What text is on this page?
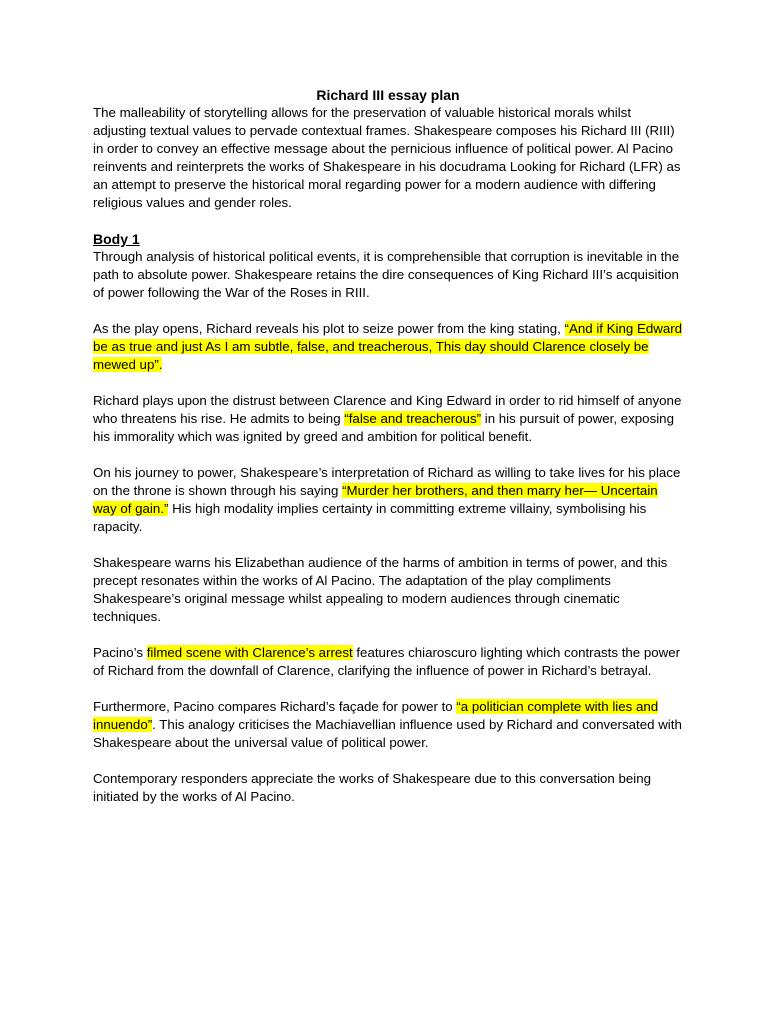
Richard III essay plan

The malleability of storytelling allows for the preservation of valuable historical morals whilst adjusting textual values to pervade contextual frames. Shakespeare composes his Richard III (RIII) in order to convey an effective message about the pernicious influence of political power. Al Pacino reinvents and reinterprets the works of Shakespeare in his docudrama Looking for Richard (LFR) as an attempt to preserve the historical moral regarding power for a modern audience with differing religious values and gender roles.

Body 1

Through analysis of historical political events, it is comprehensible that corruption is inevitable in the path to absolute power. Shakespeare retains the dire consequences of King Richard III’s acquisition of power following the War of the Roses in RIII.

As the play opens, Richard reveals his plot to seize power from the king stating, “And if King Edward be as true and just As I am subtle, false, and treacherous, This day should Clarence closely be mewed up”.

Richard plays upon the distrust between Clarence and King Edward in order to rid himself of anyone who threatens his rise. He admits to being “false and treacherous” in his pursuit of power, exposing his immorality which was ignited by greed and ambition for political benefit.

On his journey to power, Shakespeare’s interpretation of Richard as willing to take lives for his place on the throne is shown through his saying “Murder her brothers, and then marry her— Uncertain way of gain.” His high modality implies certainty in committing extreme villainy, symbolising his rapacity.

Shakespeare warns his Elizabethan audience of the harms of ambition in terms of power, and this precept resonates within the works of Al Pacino. The adaptation of the play compliments Shakespeare’s original message whilst appealing to modern audiences through cinematic techniques.

Pacino’s filmed scene with Clarence’s arrest features chiaroscuro lighting which contrasts the power of Richard from the downfall of Clarence, clarifying the influence of power in Richard’s betrayal.

Furthermore, Pacino compares Richard’s façade for power to “a politician complete with lies and innuendo”. This analogy criticises the Machiavellian influence used by Richard and conversated with Shakespeare about the universal value of political power.

Contemporary responders appreciate the works of Shakespeare due to this conversation being initiated by the works of Al Pacino.
